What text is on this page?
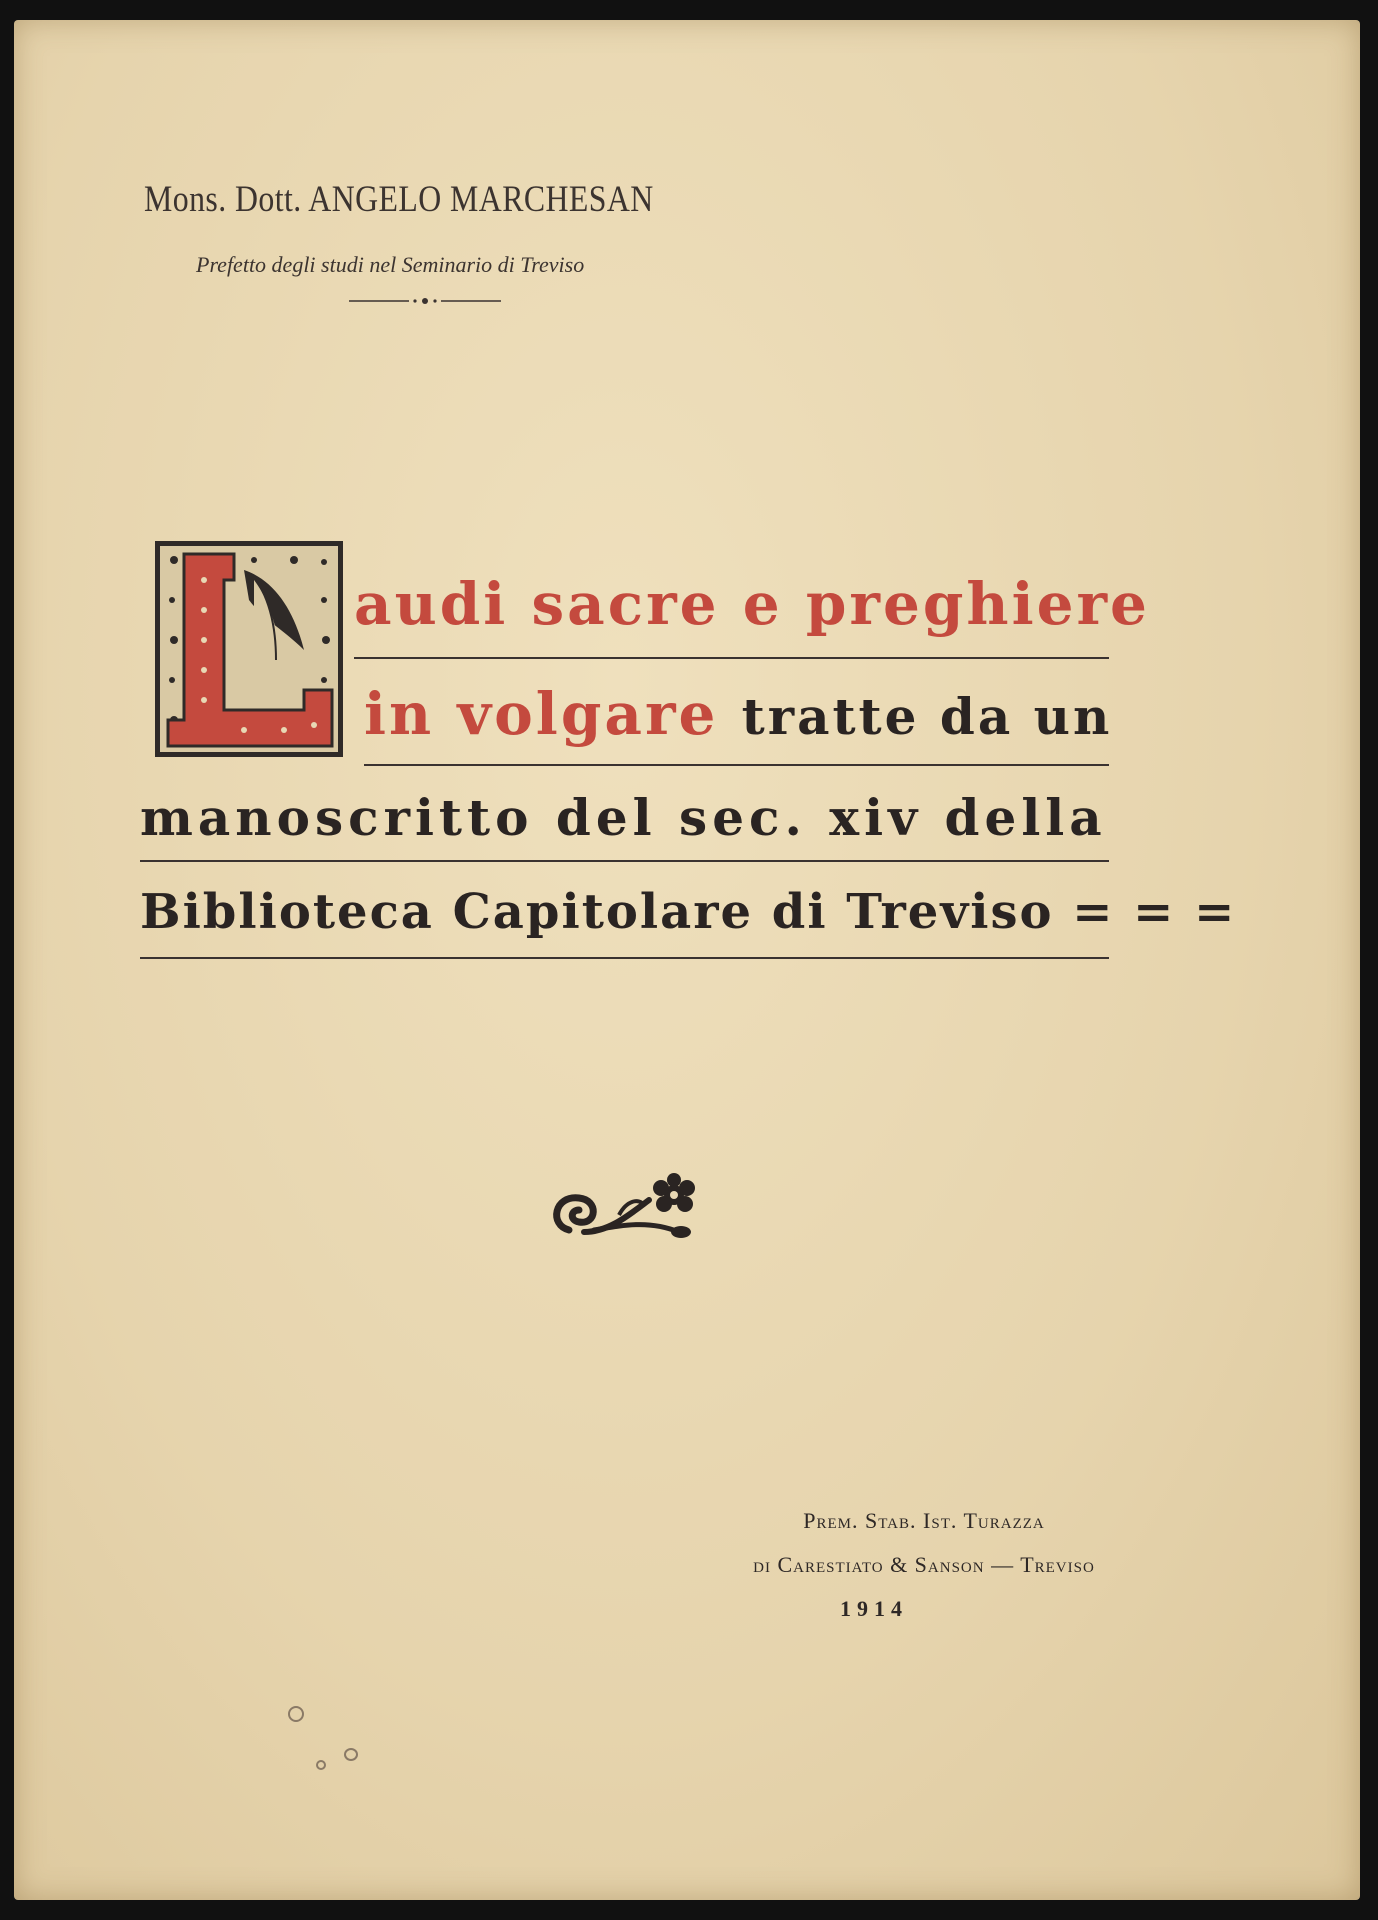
Mons. Dott. ANGELO MARCHESAN
Prefetto degli studi nel Seminario di Treviso
audi sacre e preghiere
in volgare tratte da un
manoscritto del sec. xiv della
Biblioteca Capitolare di Treviso = = =
Prem. Stab. Ist. Turazza
di Carestiato & Sanson — Treviso
1914
